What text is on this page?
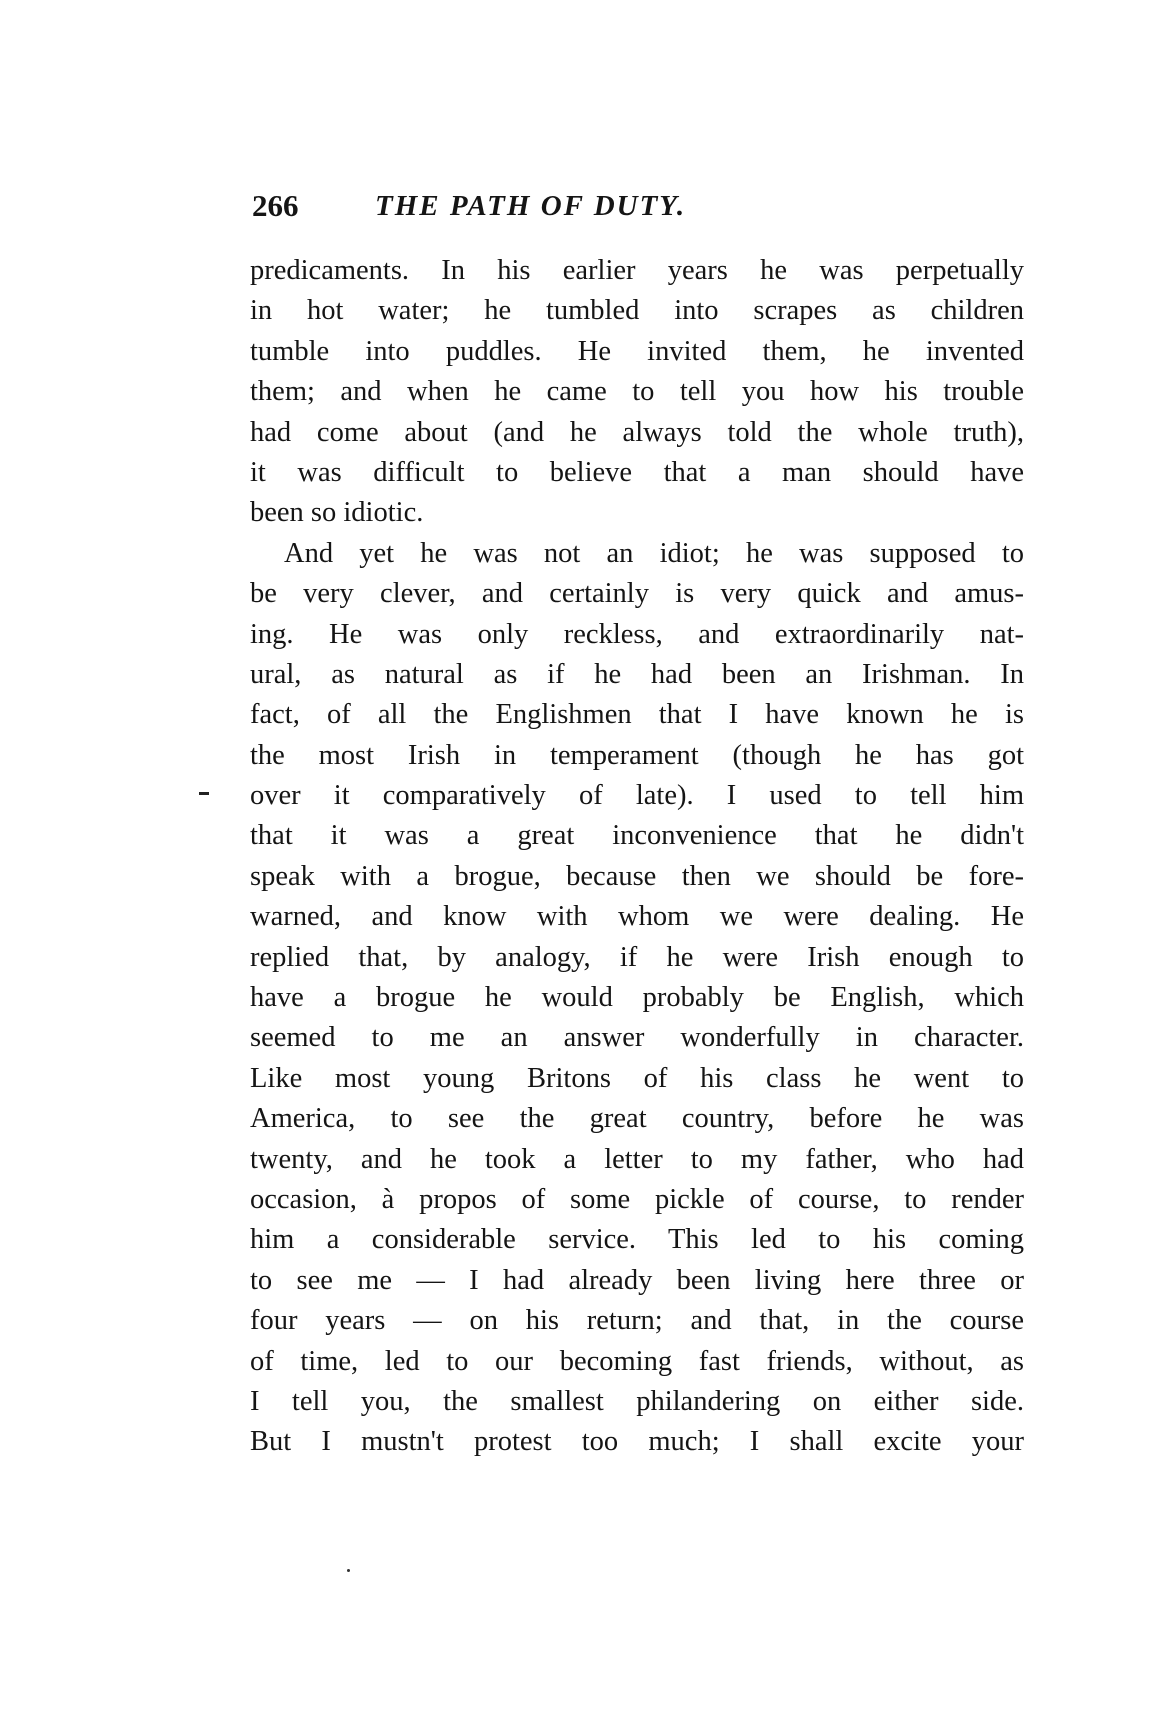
266	THE PATH OF DUTY.
predicaments. In his earlier years he was perpetually
in hot water; he tumbled into scrapes as children
tumble into puddles. He invited them, he invented
them; and when he came to tell you how his trouble
had come about (and he always told the whole truth),
it was difficult to believe that a man should have
been so idiotic.
And yet he was not an idiot; he was supposed to
be very clever, and certainly is very quick and amus-
ing. He was only reckless, and extraordinarily nat-
ural, as natural as if he had been an Irishman. In
fact, of all the Englishmen that I have known he is
the most Irish in temperament (though he has got
over it comparatively of late). I used to tell him
that it was a great inconvenience that he didn't
speak with a brogue, because then we should be fore-
warned, and know with whom we were dealing. He
replied that, by analogy, if he were Irish enough to
have a brogue he would probably be English, which
seemed to me an answer wonderfully in character.
Like most young Britons of his class he went to
America, to see the great country, before he was
twenty, and he took a letter to my father, who had
occasion, à propos of some pickle of course, to render
him a considerable service. This led to his coming
to see me — I had already been living here three or
four years — on his return; and that, in the course
of time, led to our becoming fast friends, without, as
I tell you, the smallest philandering on either side.
But I mustn't protest too much; I shall excite your
